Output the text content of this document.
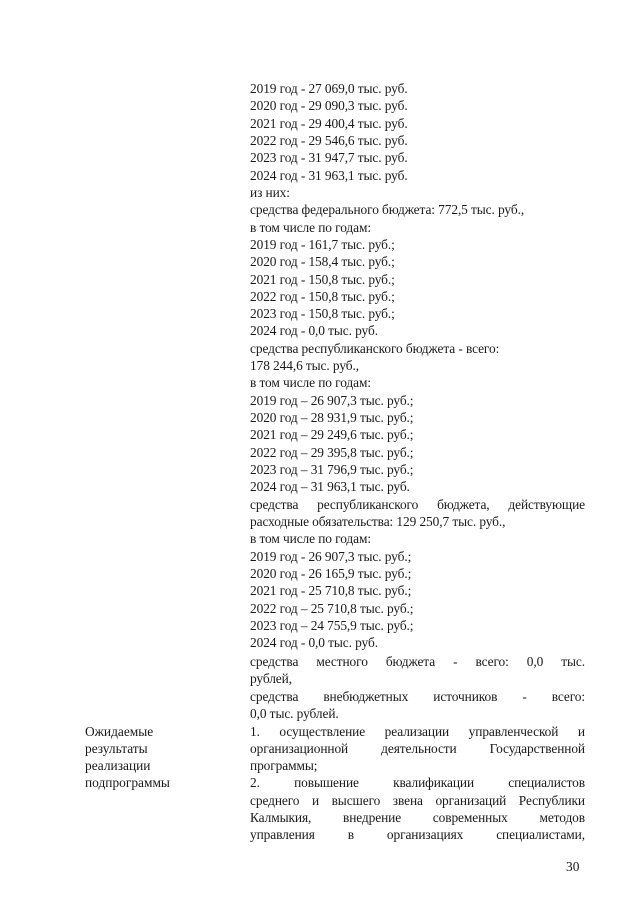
2019 год - 27 069,0 тыс. руб.
2020 год - 29 090,3 тыс. руб.
2021 год - 29 400,4 тыс. руб.
2022 год - 29 546,6 тыс. руб.
2023 год - 31 947,7 тыс. руб.
2024 год - 31 963,1 тыс. руб.
из них:
средства федерального бюджета: 772,5 тыс. руб.,
в том числе по годам:
2019 год - 161,7 тыс. руб.;
2020 год - 158,4 тыс. руб.;
2021 год - 150,8 тыс. руб.;
2022 год - 150,8 тыс. руб.;
2023 год - 150,8 тыс. руб.;
2024 год - 0,0 тыс. руб.
средства республиканского бюджета - всего:
178 244,6 тыс. руб.,
в том числе по годам:
2019 год – 26 907,3 тыс. руб.;
2020 год – 28 931,9 тыс. руб.;
2021 год – 29 249,6 тыс. руб.;
2022 год – 29 395,8 тыс. руб.;
2023 год – 31 796,9 тыс. руб.;
2024 год – 31 963,1 тыс. руб.
средства республиканского бюджета, действующие
расходные обязательства: 129 250,7 тыс. руб.,
в том числе по годам:
2019 год - 26 907,3 тыс. руб.;
2020 год - 26 165,9 тыс. руб.;
2021 год - 25 710,8 тыс. руб.;
2022 год – 25 710,8 тыс. руб.;
2023 год – 24 755,9 тыс. руб.;
2024 год - 0,0 тыс. руб.
средства местного бюджета - всего: 0,0 тыс.
рублей,
средства внебюджетных источников - всего:
0,0 тыс. рублей.
Ожидаемые
результаты
реализации
подпрограммы
1. осуществление реализации управленческой и
организационной деятельности Государственной
программы;
2. повышение квалификации специалистов
среднего и высшего звена организаций Республики
Калмыкия, внедрение современных методов
управления в организациях специалистами,
30
